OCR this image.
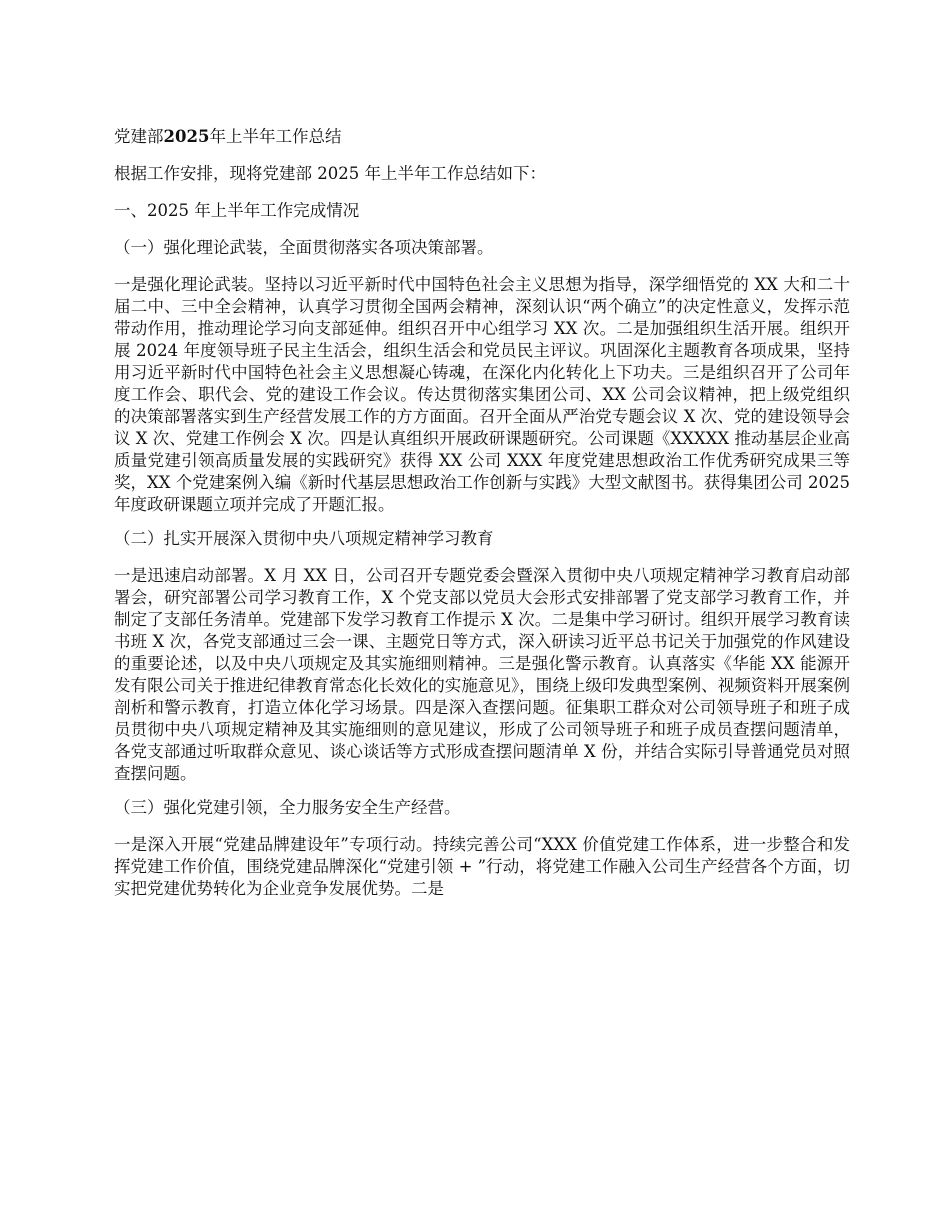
党建部2025年上半年工作总结

根据工作安排，现将党建部 2025 年上半年工作总结如下：

一、2025 年上半年工作完成情况

（一）强化理论武装，全面贯彻落实各项决策部署。

一是强化理论武装。坚持以习近平新时代中国特色社会主义思想为指导，深学细悟党的 XX 大和二十届二中、三中全会精神，认真学习贯彻全国两会精神，深刻认识“两个确立”的决定性意义，发挥示范带动作用，推动理论学习向支部延伸。组织召开中心组学习 XX 次。二是加强组织生活开展。组织开展 2024 年度领导班子民主生活会，组织生活会和党员民主评议。巩固深化主题教育各项成果，坚持用习近平新时代中国特色社会主义思想凝心铸魂，在深化内化转化上下功夫。三是组织召开了公司年度工作会、职代会、党的建设工作会议。传达贯彻落实集团公司、XX 公司会议精神，把上级党组织的决策部署落实到生产经营发展工作的方方面面。召开全面从严治党专题会议 X 次、党的建设领导会议 X 次、党建工作例会 X 次。四是认真组织开展政研课题研究。公司课题《XXXXX 推动基层企业高质量党建引领高质量发展的实践研究》获得 XX 公司 XXX 年度党建思想政治工作优秀研究成果三等奖，XX 个党建案例入编《新时代基层思想政治工作创新与实践》大型文献图书。获得集团公司 2025 年度政研课题立项并完成了开题汇报。

（二）扎实开展深入贯彻中央八项规定精神学习教育

一是迅速启动部署。X 月 XX 日，公司召开专题党委会暨深入贯彻中央八项规定精神学习教育启动部署会，研究部署公司学习教育工作，X 个党支部以党员大会形式安排部署了党支部学习教育工作，并制定了支部任务清单。党建部下发学习教育工作提示 X 次。二是集中学习研讨。组织开展学习教育读书班 X 次，各党支部通过三会一课、主题党日等方式，深入研读习近平总书记关于加强党的作风建设的重要论述，以及中央八项规定及其实施细则精神。三是强化警示教育。认真落实《华能 XX 能源开发有限公司关于推进纪律教育常态化长效化的实施意见》，围绕上级印发典型案例、视频资料开展案例剖析和警示教育，打造立体化学习场景。四是深入查摆问题。征集职工群众对公司领导班子和班子成员贯彻中央八项规定精神及其实施细则的意见建议，形成了公司领导班子和班子成员查摆问题清单，各党支部通过听取群众意见、谈心谈话等方式形成查摆问题清单 X 份，并结合实际引导普通党员对照查摆问题。

（三）强化党建引领，全力服务安全生产经营。

一是深入开展“党建品牌建设年”专项行动。持续完善公司“XXX 价值党建工作体系，进一步整合和发挥党建工作价值，围绕党建品牌深化“党建引领 + ”行动，将党建工作融入公司生产经营各个方面，切实把党建优势转化为企业竞争发展优势。二是
